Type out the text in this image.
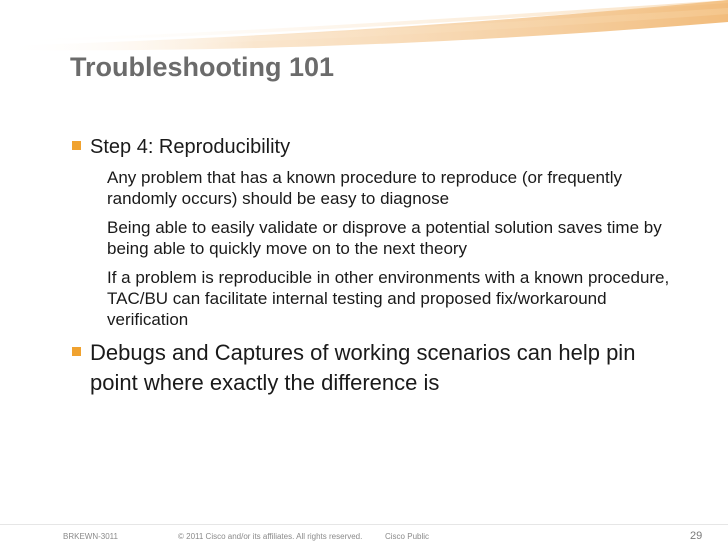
Troubleshooting 101
Step 4: Reproducibility
Any problem that has a known procedure to reproduce (or frequently randomly occurs) should be easy to diagnose
Being able to easily validate or disprove a potential solution saves time by being able to quickly move on to the next theory
If a problem is reproducible in other environments with a known procedure, TAC/BU can facilitate internal testing and proposed fix/workaround verification
Debugs and Captures of working scenarios can help pin point where exactly the difference is
BRKEWN-3011	© 2011 Cisco and/or its affiliates. All rights reserved.	Cisco Public	29
